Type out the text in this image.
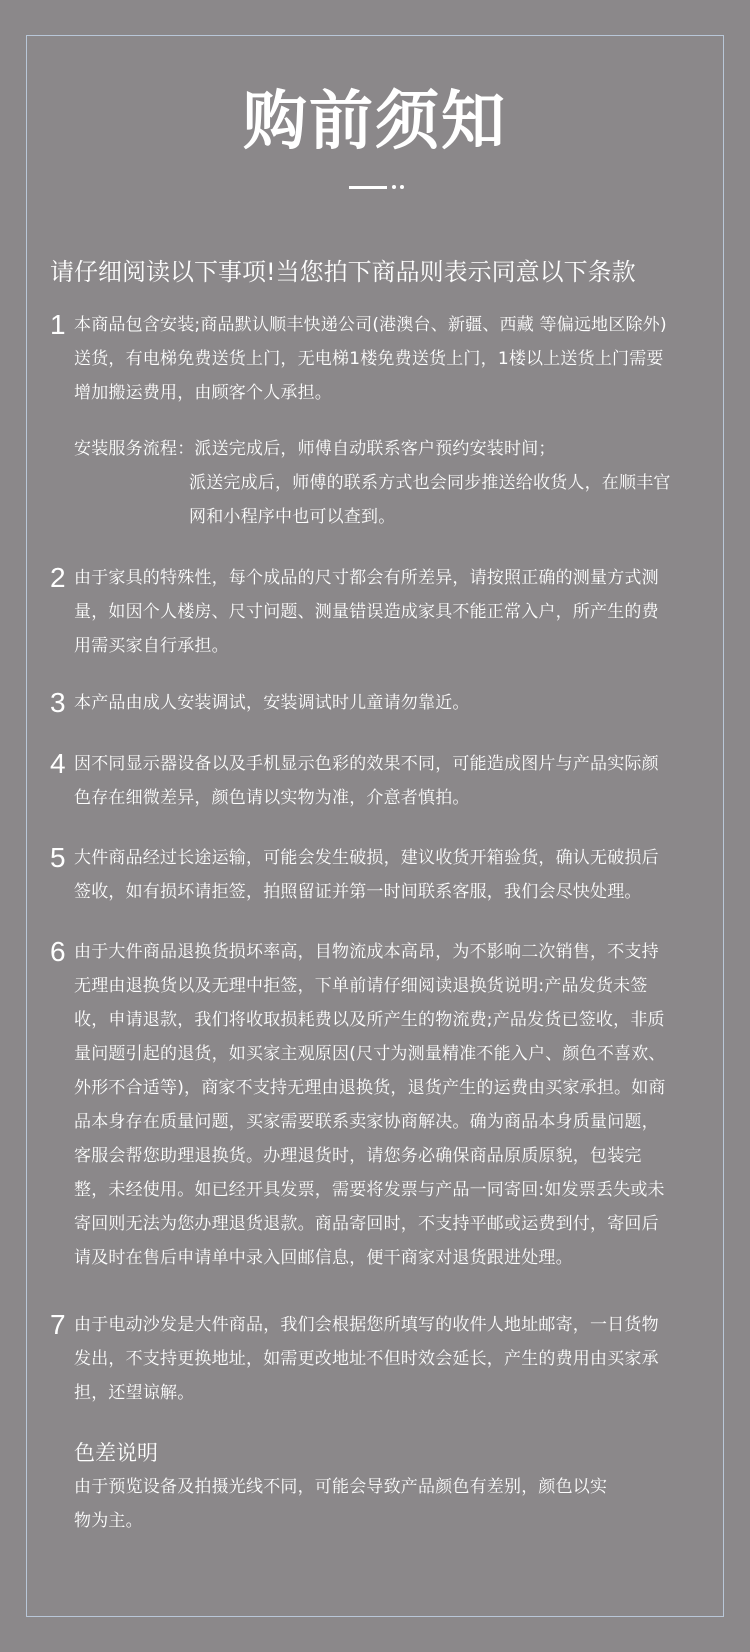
购前须知
请仔细阅读以下事项!当您拍下商品则表示同意以下条款
1 本商品包含安装;商品默认顺丰快递公司(港澳台、新疆、西藏 等偏远地区除外)
送货，有电梯免费送货上门，无电梯1楼免费送货上门，1楼以上送货上门需要
增加搬运费用，由顾客个人承担。
安装服务流程：派送完成后，师傅自动联系客户预约安装时间；
派送完成后，师傅的联系方式也会同步推送给收货人，在顺丰官
网和小程序中也可以查到。
2 由于家具的特殊性，每个成品的尺寸都会有所差异，请按照正确的测量方式测
量，如因个人楼房、尺寸问题、测量错误造成家具不能正常入户，所产生的费
用需买家自行承担。
3 本产品由成人安装调试，安装调试时儿童请勿靠近。
4 因不同显示器设备以及手机显示色彩的效果不同，可能造成图片与产品实际颜
色存在细微差异，颜色请以实物为准，介意者慎拍。
5 大件商品经过长途运输，可能会发生破损，建议收货开箱验货，确认无破损后
签收，如有损坏请拒签，拍照留证并第一时间联系客服，我们会尽快处理。
6 由于大件商品退换货损坏率高，目物流成本高昂，为不影响二次销售，不支持
无理由退换货以及无理中拒签，下单前请仔细阅读退换货说明:产品发货未签
收，申请退款，我们将收取损耗费以及所产生的物流费;产品发货已签收，非质
量问题引起的退货，如买家主观原因(尺寸为测量精准不能入户、颜色不喜欢、
外形不合适等)，商家不支持无理由退换货，退货产生的运费由买家承担。如商
品本身存在质量问题，买家需要联系卖家协商解决。确为商品本身质量问题，
客服会帮您助理退换货。办理退货时，请您务必确保商品原质原貌，包装完
整，未经使用。如已经开具发票，需要将发票与产品一同寄回:如发票丢失或未
寄回则无法为您办理退货退款。商品寄回时，不支持平邮或运费到付，寄回后
请及时在售后申请单中录入回邮信息，便干商家对退货跟进处理。
7 由于电动沙发是大件商品，我们会根据您所填写的收件人地址邮寄，一日货物
发出，不支持更换地址，如需更改地址不但时效会延长，产生的费用由买家承
担，还望谅解。
色差说明
由于预览设备及拍摄光线不同，可能会导致产品颜色有差别，颜色以实
物为主。
